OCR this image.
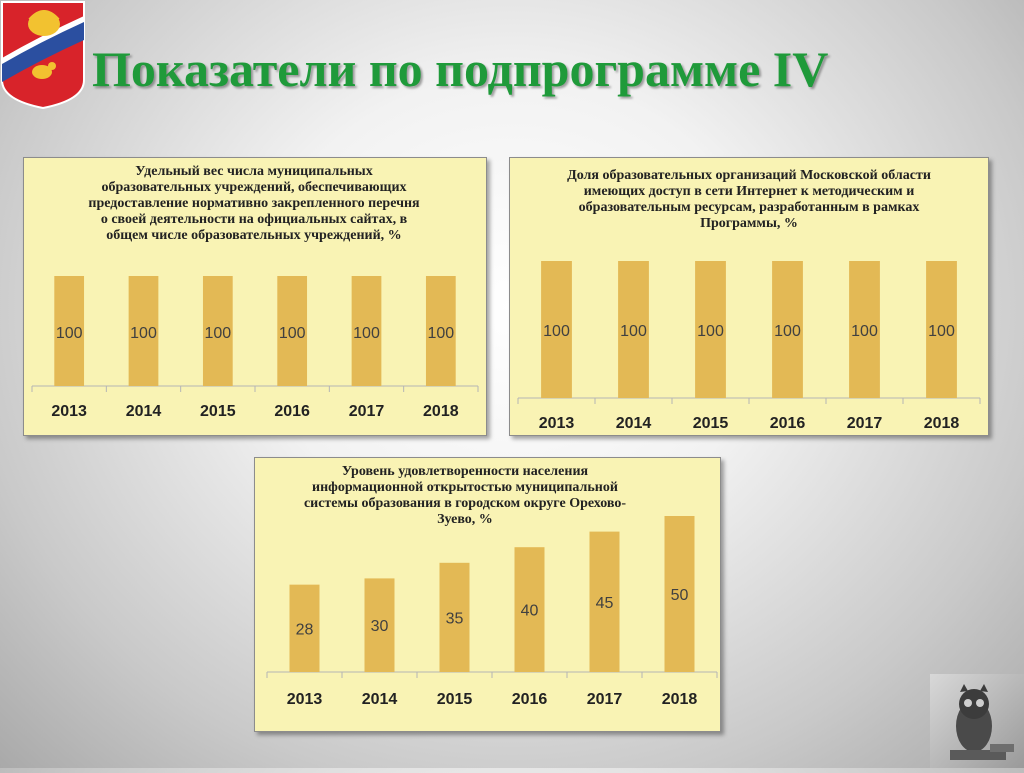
Показатели по подпрограмме IV

Удельный вес числа муниципальных образовательных учреждений, обеспечивающих предоставление нормативно закрепленного перечня о своей деятельности на официальных сайтах, в общем числе образовательных учреждений, %

100
2013
100
2014
100
2015
100
2016
100
2017
100
2018

Доля образовательных организаций Московской области имеющих доступ в сети Интернет к методическим и образовательным ресурсам, разработанным в рамках Программы, %

100
2013
100
2014
100
2015
100
2016
100
2017
100
2018

Уровень удовлетворенности населения информационной открытостью муниципальной системы образования в городском округе Орехово-Зуево, %

28
2013
30
2014
35
2015
40
2016
45
2017
50
2018
